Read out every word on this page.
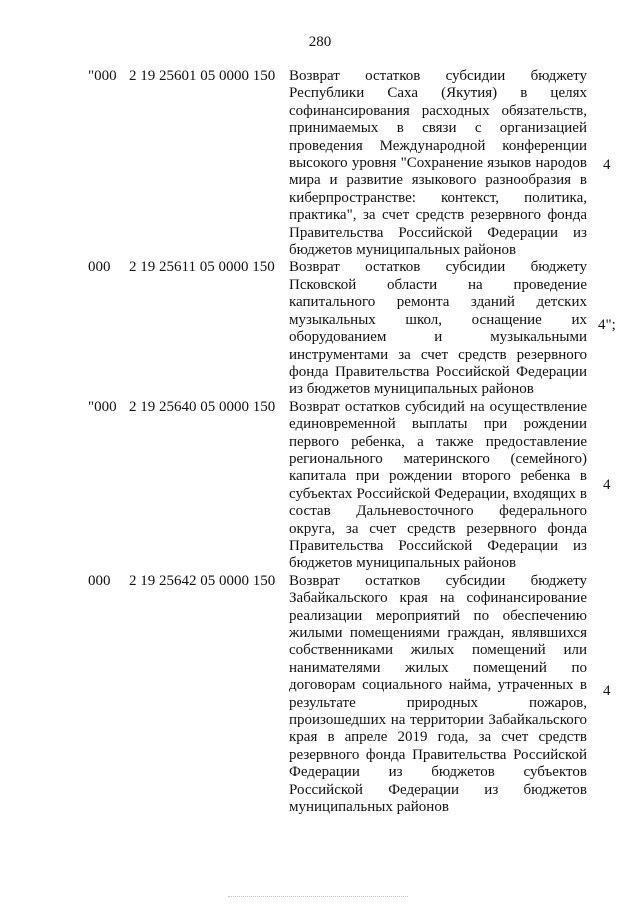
280
"000 2 19 25601 05 0000 150 Возврат остатков субсидии бюджету
Республики Саха (Якутия) в целях
софинансирования расходных обязательств,
принимаемых в связи с организацией
проведения Международной конференции
высокого уровня "Сохранение языков народов
мира и развитие языкового разнообразия в
киберпространстве: контекст, политика,
практика", за счет средств резервного фонда
Правительства Российской Федерации из
бюджетов муниципальных районов
4
000 2 19 25611 05 0000 150 Возврат остатков субсидии бюджету
Псковской области на проведение
капитального ремонта зданий детских
музыкальных школ, оснащение их
оборудованием и музыкальными
инструментами за счет средств резервного
фонда Правительства Российской Федерации
из бюджетов муниципальных районов
4";
"000 2 19 25640 05 0000 150 Возврат остатков субсидий на осуществление
единовременной выплаты при рождении
первого ребенка, а также предоставление
регионального материнского (семейного)
капитала при рождении второго ребенка в
субъектах Российской Федерации, входящих в
состав Дальневосточного федерального
округа, за счет средств резервного фонда
Правительства Российской Федерации из
бюджетов муниципальных районов
4
000 2 19 25642 05 0000 150 Возврат остатков субсидии бюджету
Забайкальского края на софинансирование
реализации мероприятий по обеспечению
жилыми помещениями граждан, являвшихся
собственниками жилых помещений или
нанимателями жилых помещений по
договорам социального найма, утраченных в
результате природных пожаров,
произошедших на территории Забайкальского
края в апреле 2019 года, за счет средств
резервного фонда Правительства Российской
Федерации из бюджетов субъектов
Российской Федерации из бюджетов
муниципальных районов
4
